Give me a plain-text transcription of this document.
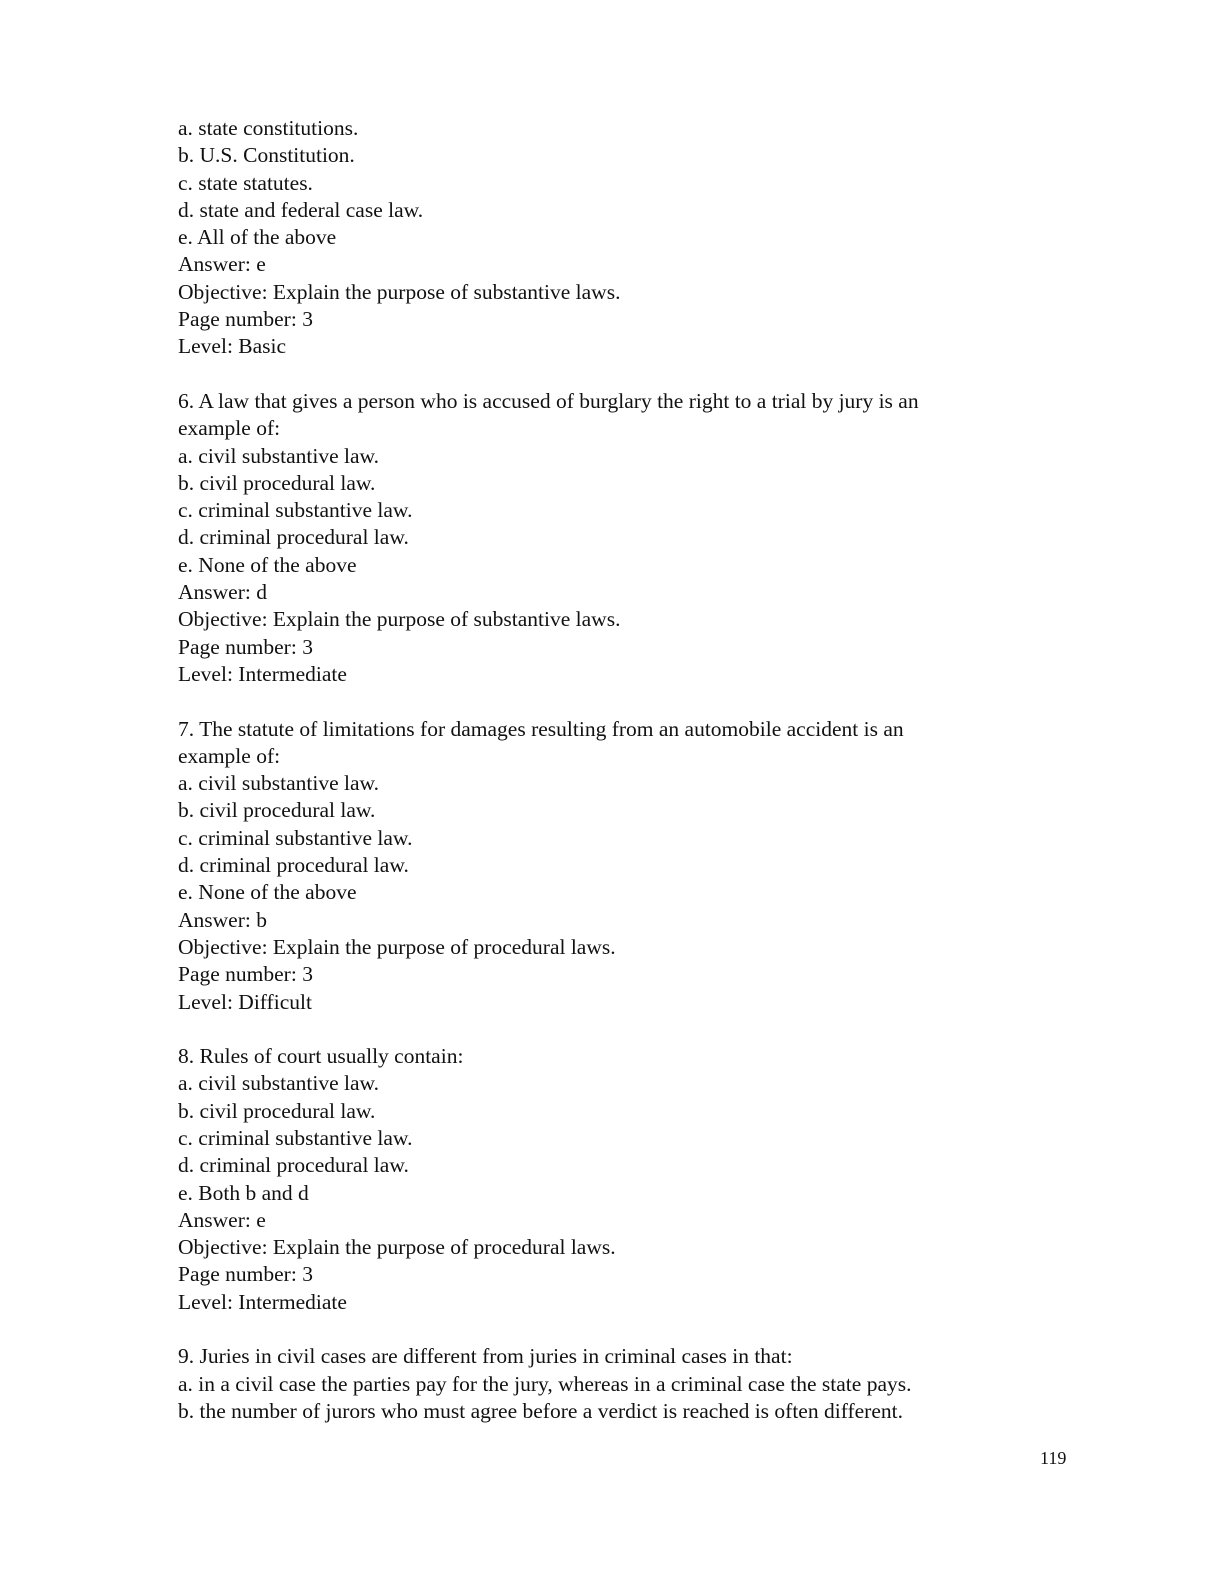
a. state constitutions.
b. U.S. Constitution.
c. state statutes.
d. state and federal case law.
e. All of the above
Answer: e
Objective: Explain the purpose of substantive laws.
Page number: 3
Level: Basic
6. A law that gives a person who is accused of burglary the right to a trial by jury is an
example of:
a. civil substantive law.
b. civil procedural law.
c. criminal substantive law.
d. criminal procedural law.
e. None of the above
Answer: d
Objective: Explain the purpose of substantive laws.
Page number: 3
Level: Intermediate
7. The statute of limitations for damages resulting from an automobile accident is an
example of:
a. civil substantive law.
b. civil procedural law.
c. criminal substantive law.
d. criminal procedural law.
e. None of the above
Answer: b
Objective: Explain the purpose of procedural laws.
Page number: 3
Level: Difficult
8. Rules of court usually contain:
a. civil substantive law.
b. civil procedural law.
c. criminal substantive law.
d. criminal procedural law.
e. Both b and d
Answer: e
Objective: Explain the purpose of procedural laws.
Page number: 3
Level: Intermediate
9. Juries in civil cases are different from juries in criminal cases in that:
a. in a civil case the parties pay for the jury, whereas in a criminal case the state pays.
b. the number of jurors who must agree before a verdict is reached is often different.
119
